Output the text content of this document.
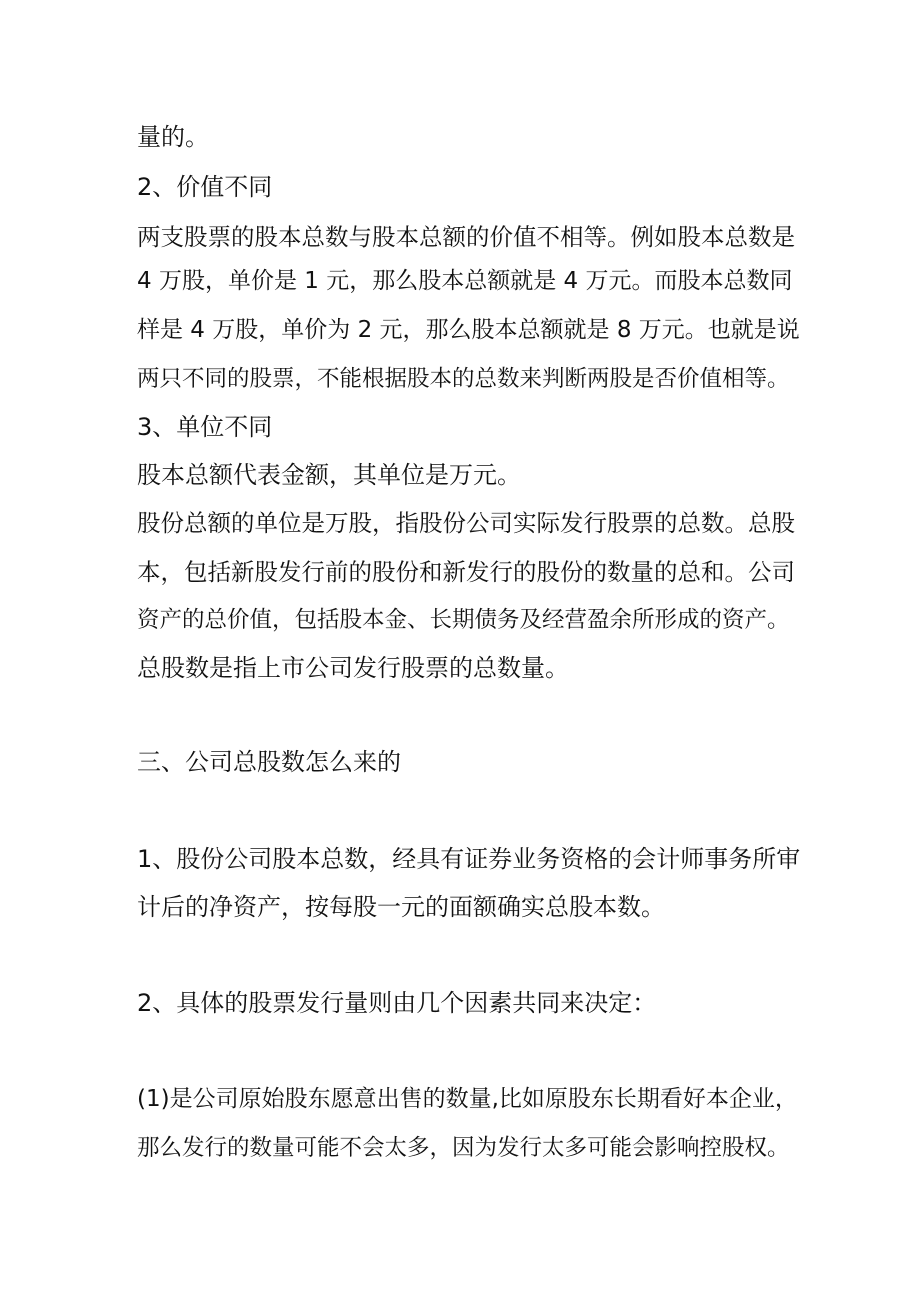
量的。

2、价值不同

两支股票的股本总数与股本总额的价值不相等。例如股本总数是

4 万股，单价是 1 元，那么股本总额就是 4 万元。而股本总数同

样是 4 万股，单价为 2 元，那么股本总额就是 8 万元。也就是说

两只不同的股票，不能根据股本的总数来判断两股是否价值相等。

3、单位不同

股本总额代表金额，其单位是万元。

股份总额的单位是万股，指股份公司实际发行股票的总数。总股

本，包括新股发行前的股份和新发行的股份的数量的总和。公司

资产的总价值，包括股本金、长期债务及经营盈余所形成的资产。

总股数是指上市公司发行股票的总数量。

三、公司总股数怎么来的

1、股份公司股本总数，经具有证券业务资格的会计师事务所审

计后的净资产，按每股一元的面额确实总股本数。

2、具体的股票发行量则由几个因素共同来决定：

(1)是公司原始股东愿意出售的数量,比如原股东长期看好本企业，

那么发行的数量可能不会太多，因为发行太多可能会影响控股权。
